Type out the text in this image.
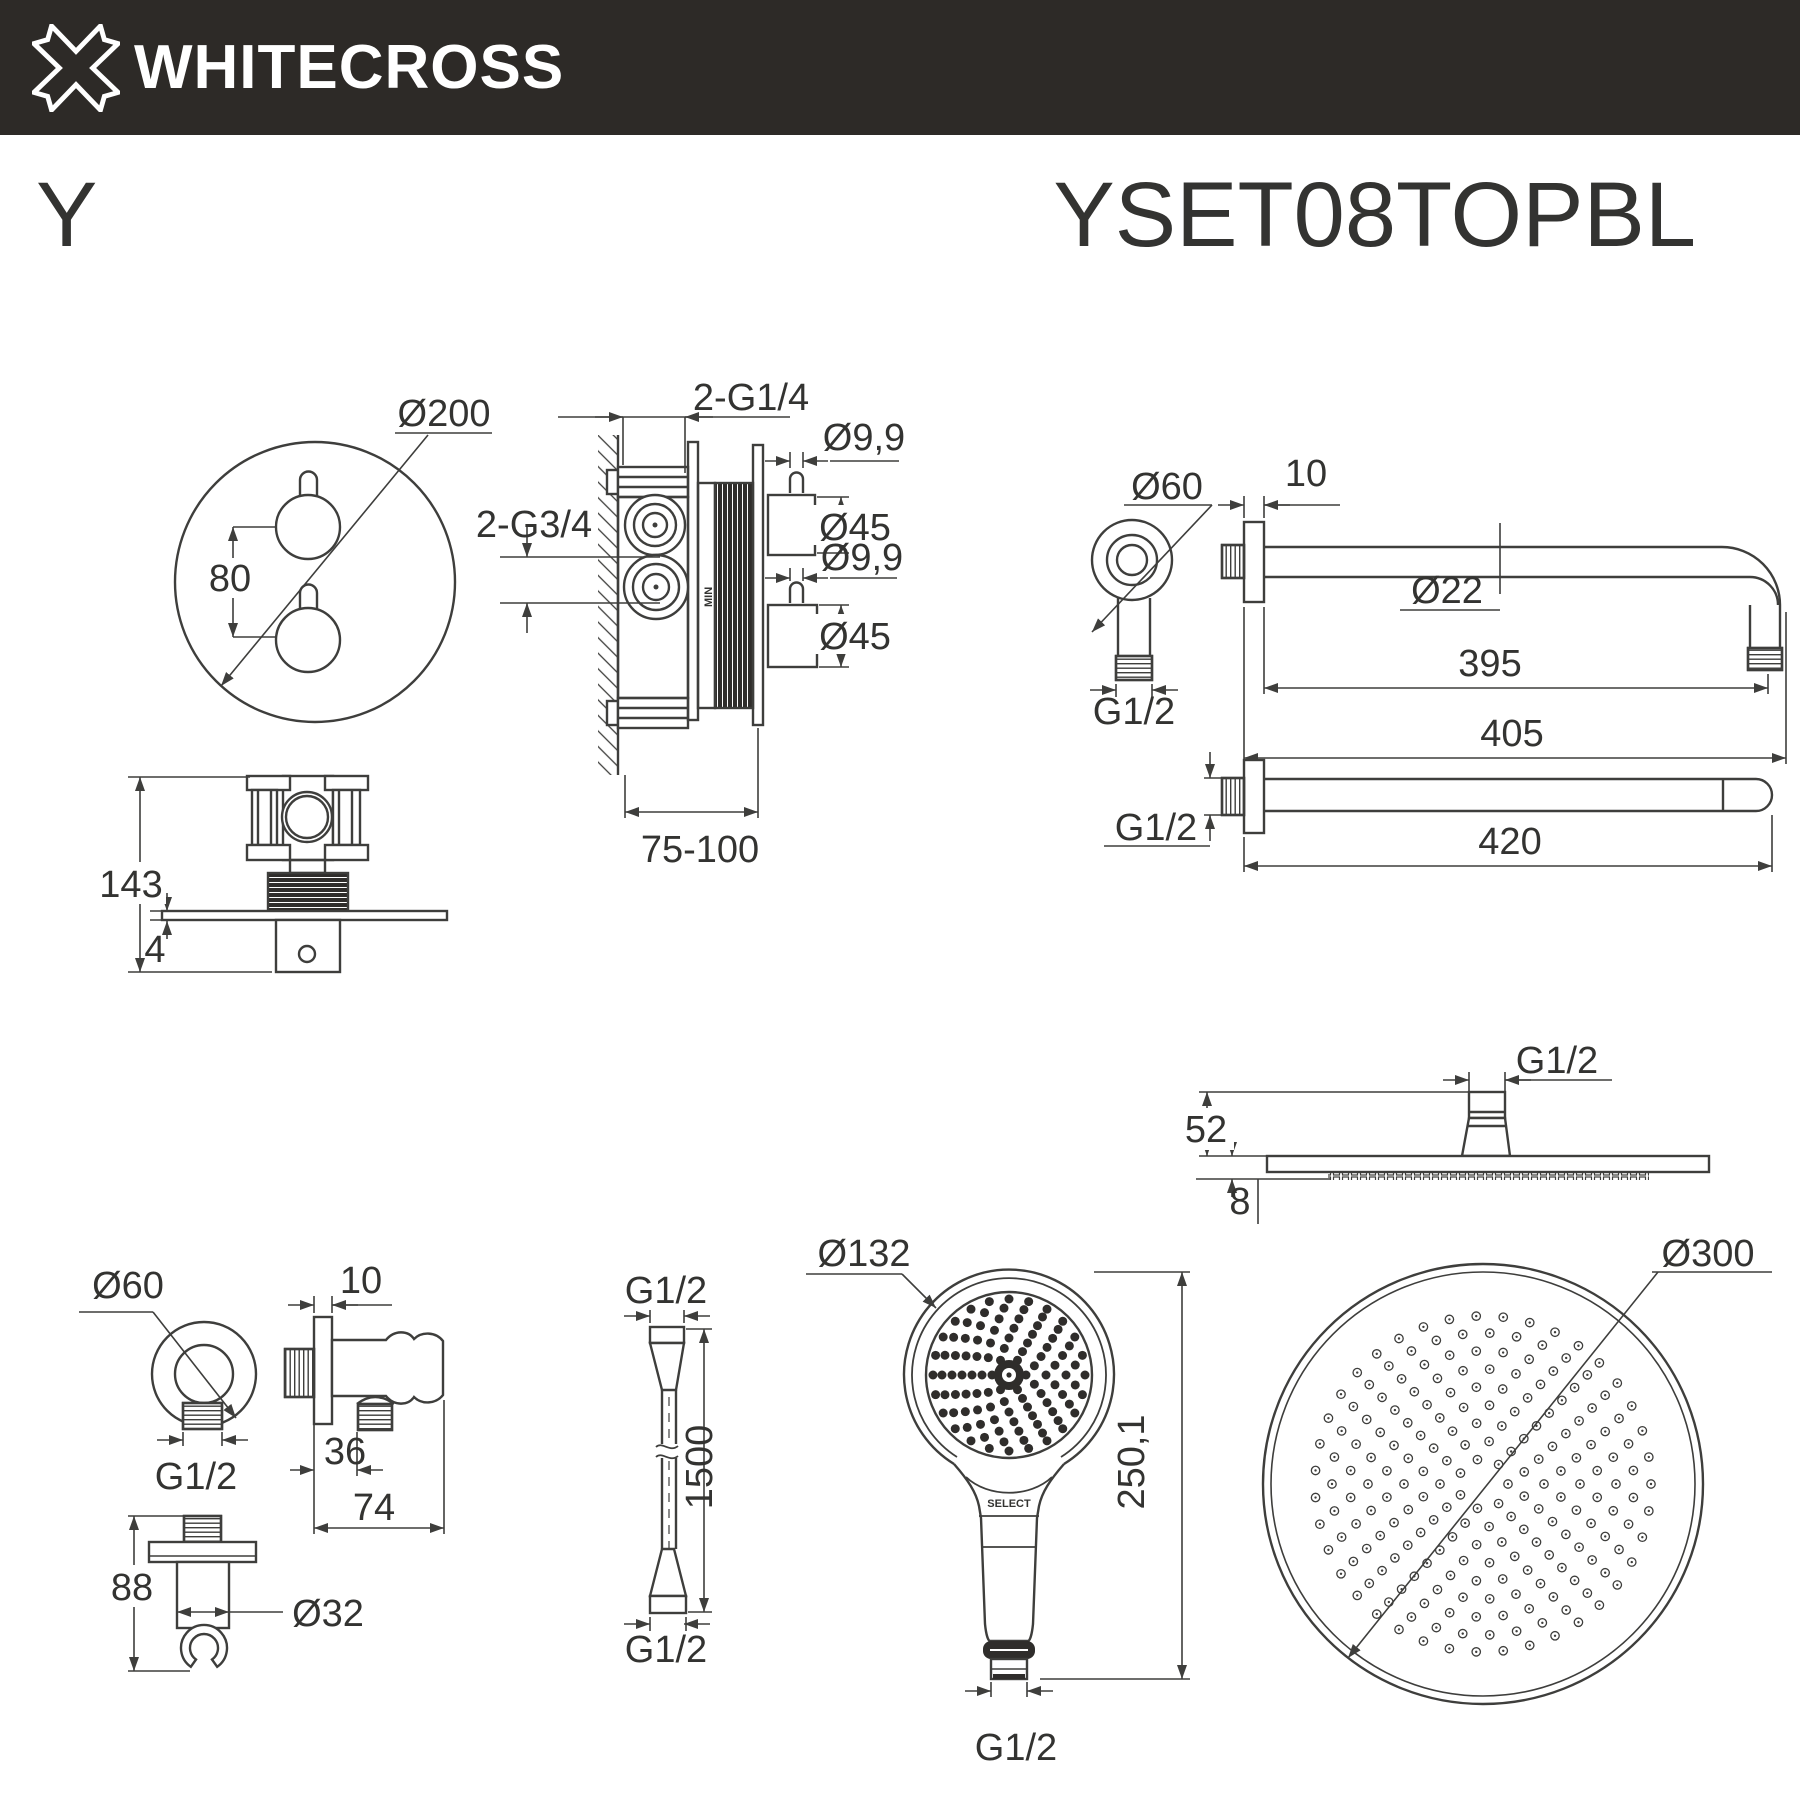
WHITECROSS
Y	YSET08TOPBL
80
Ø200
MIN
2-G1/4
2-G3/4
Ø9,9
Ø45
Ø9,9
Ø45
75-100
143
4
Ø60
G1/2
10
Ø22
395
405
G1/2	420
G1/2
52
8
Ø300
Ø60
G1/2
10
36
74
88
Ø32
G1/2
1500
G1/2
SELECT
Ø132
250,1
G1/2
